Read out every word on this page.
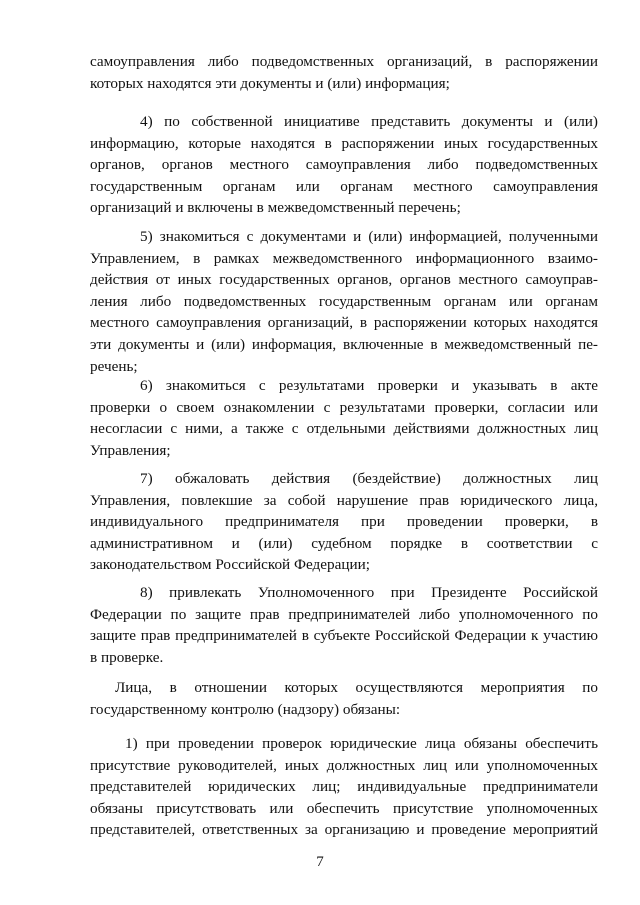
самоуправления либо подведомственных организаций, в распоряжении
которых находятся эти документы и (или) информация;
4) по собственной инициативе представить документы и (или)
информацию, которые находятся в распоряжении иных государственных
органов, органов местного самоуправления либо подведомственных
государственным органам или органам местного самоуправления
организаций и включены в межведомственный перечень;
5) знакомиться с документами и (или) информацией, полученными
Управлением, в рамках межведомственного информационного взаимо-
действия от иных государственных органов, органов местного самоуправ-
ления либо подведомственных государственным органам или органам
местного самоуправления организаций, в распоряжении которых находятся
эти документы и (или) информация, включенные в межведомственный пе-
речень;
6) знакомиться с результатами проверки и указывать в акте
проверки о своем ознакомлении с результатами проверки, согласии или
несогласии с ними, а также с отдельными действиями должностных лиц
Управления;
7) обжаловать действия (бездействие) должностных лиц
Управления, повлекшие за собой нарушение прав юридического лица,
индивидуального предпринимателя при проведении проверки, в
административном и (или) судебном порядке в соответствии с
законодательством Российской Федерации;
8) привлекать Уполномоченного при Президенте Российской
Федерации по защите прав предпринимателей либо уполномоченного по
защите прав предпринимателей в субъекте Российской Федерации к участию
в проверке.
Лица, в отношении которых осуществляются мероприятия по
государственному контролю (надзору) обязаны:
1) при проведении проверок юридические лица обязаны обеспечить
присутствие руководителей, иных должностных лиц или уполномоченных
представителей юридических лиц; индивидуальные предприниматели
обязаны присутствовать или обеспечить присутствие уполномоченных
представителей, ответственных за организацию и проведение мероприятий
7
